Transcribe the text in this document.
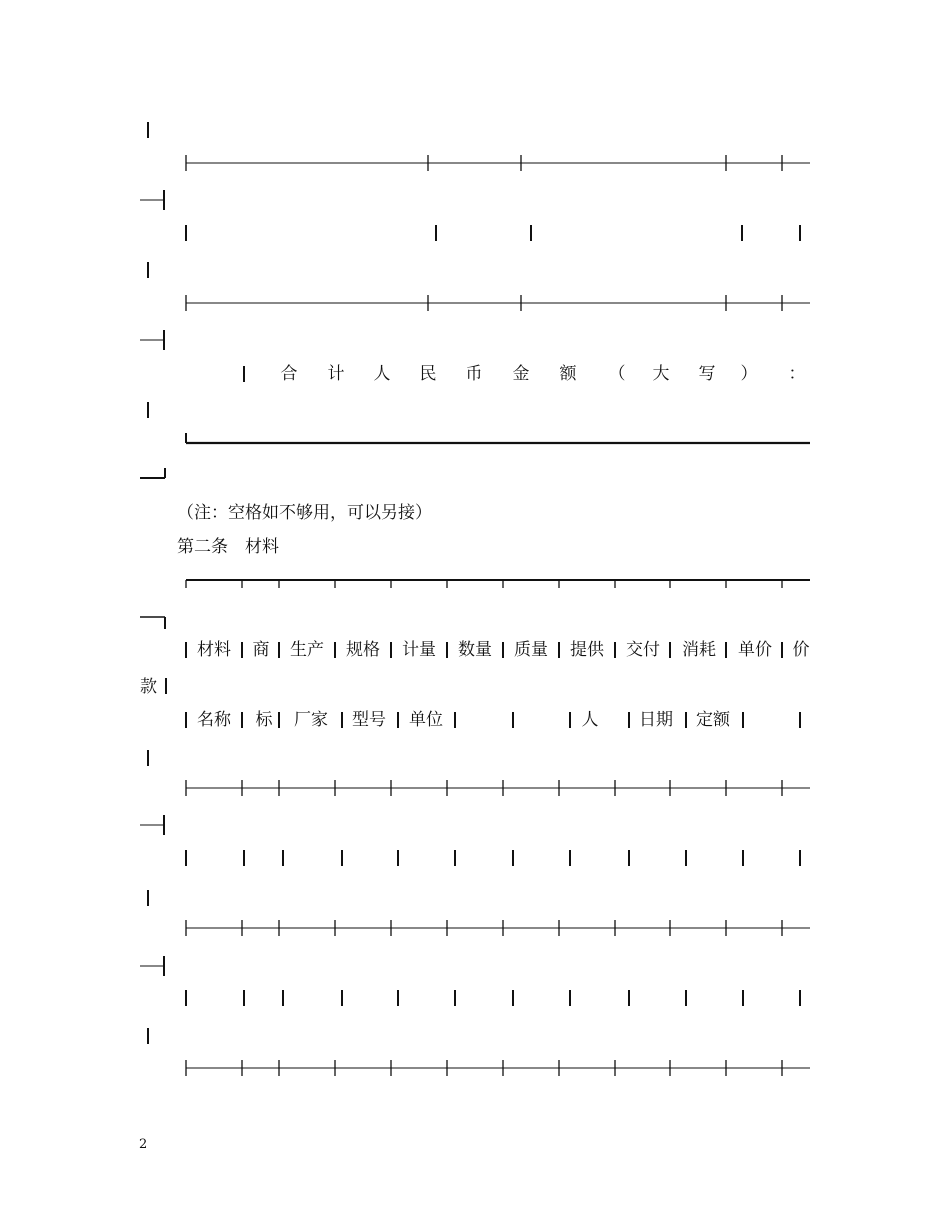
合 计 人 民 币 金 额 （ 大 写 ） ：
（注：空格如不够用，可以另接）
第二条　材料
材料 商 生产 规格 计量 数量 质量 提供 交付 消耗 单价 价
款
名称 标 厂家 型号 单位	人 日期 定额
2
